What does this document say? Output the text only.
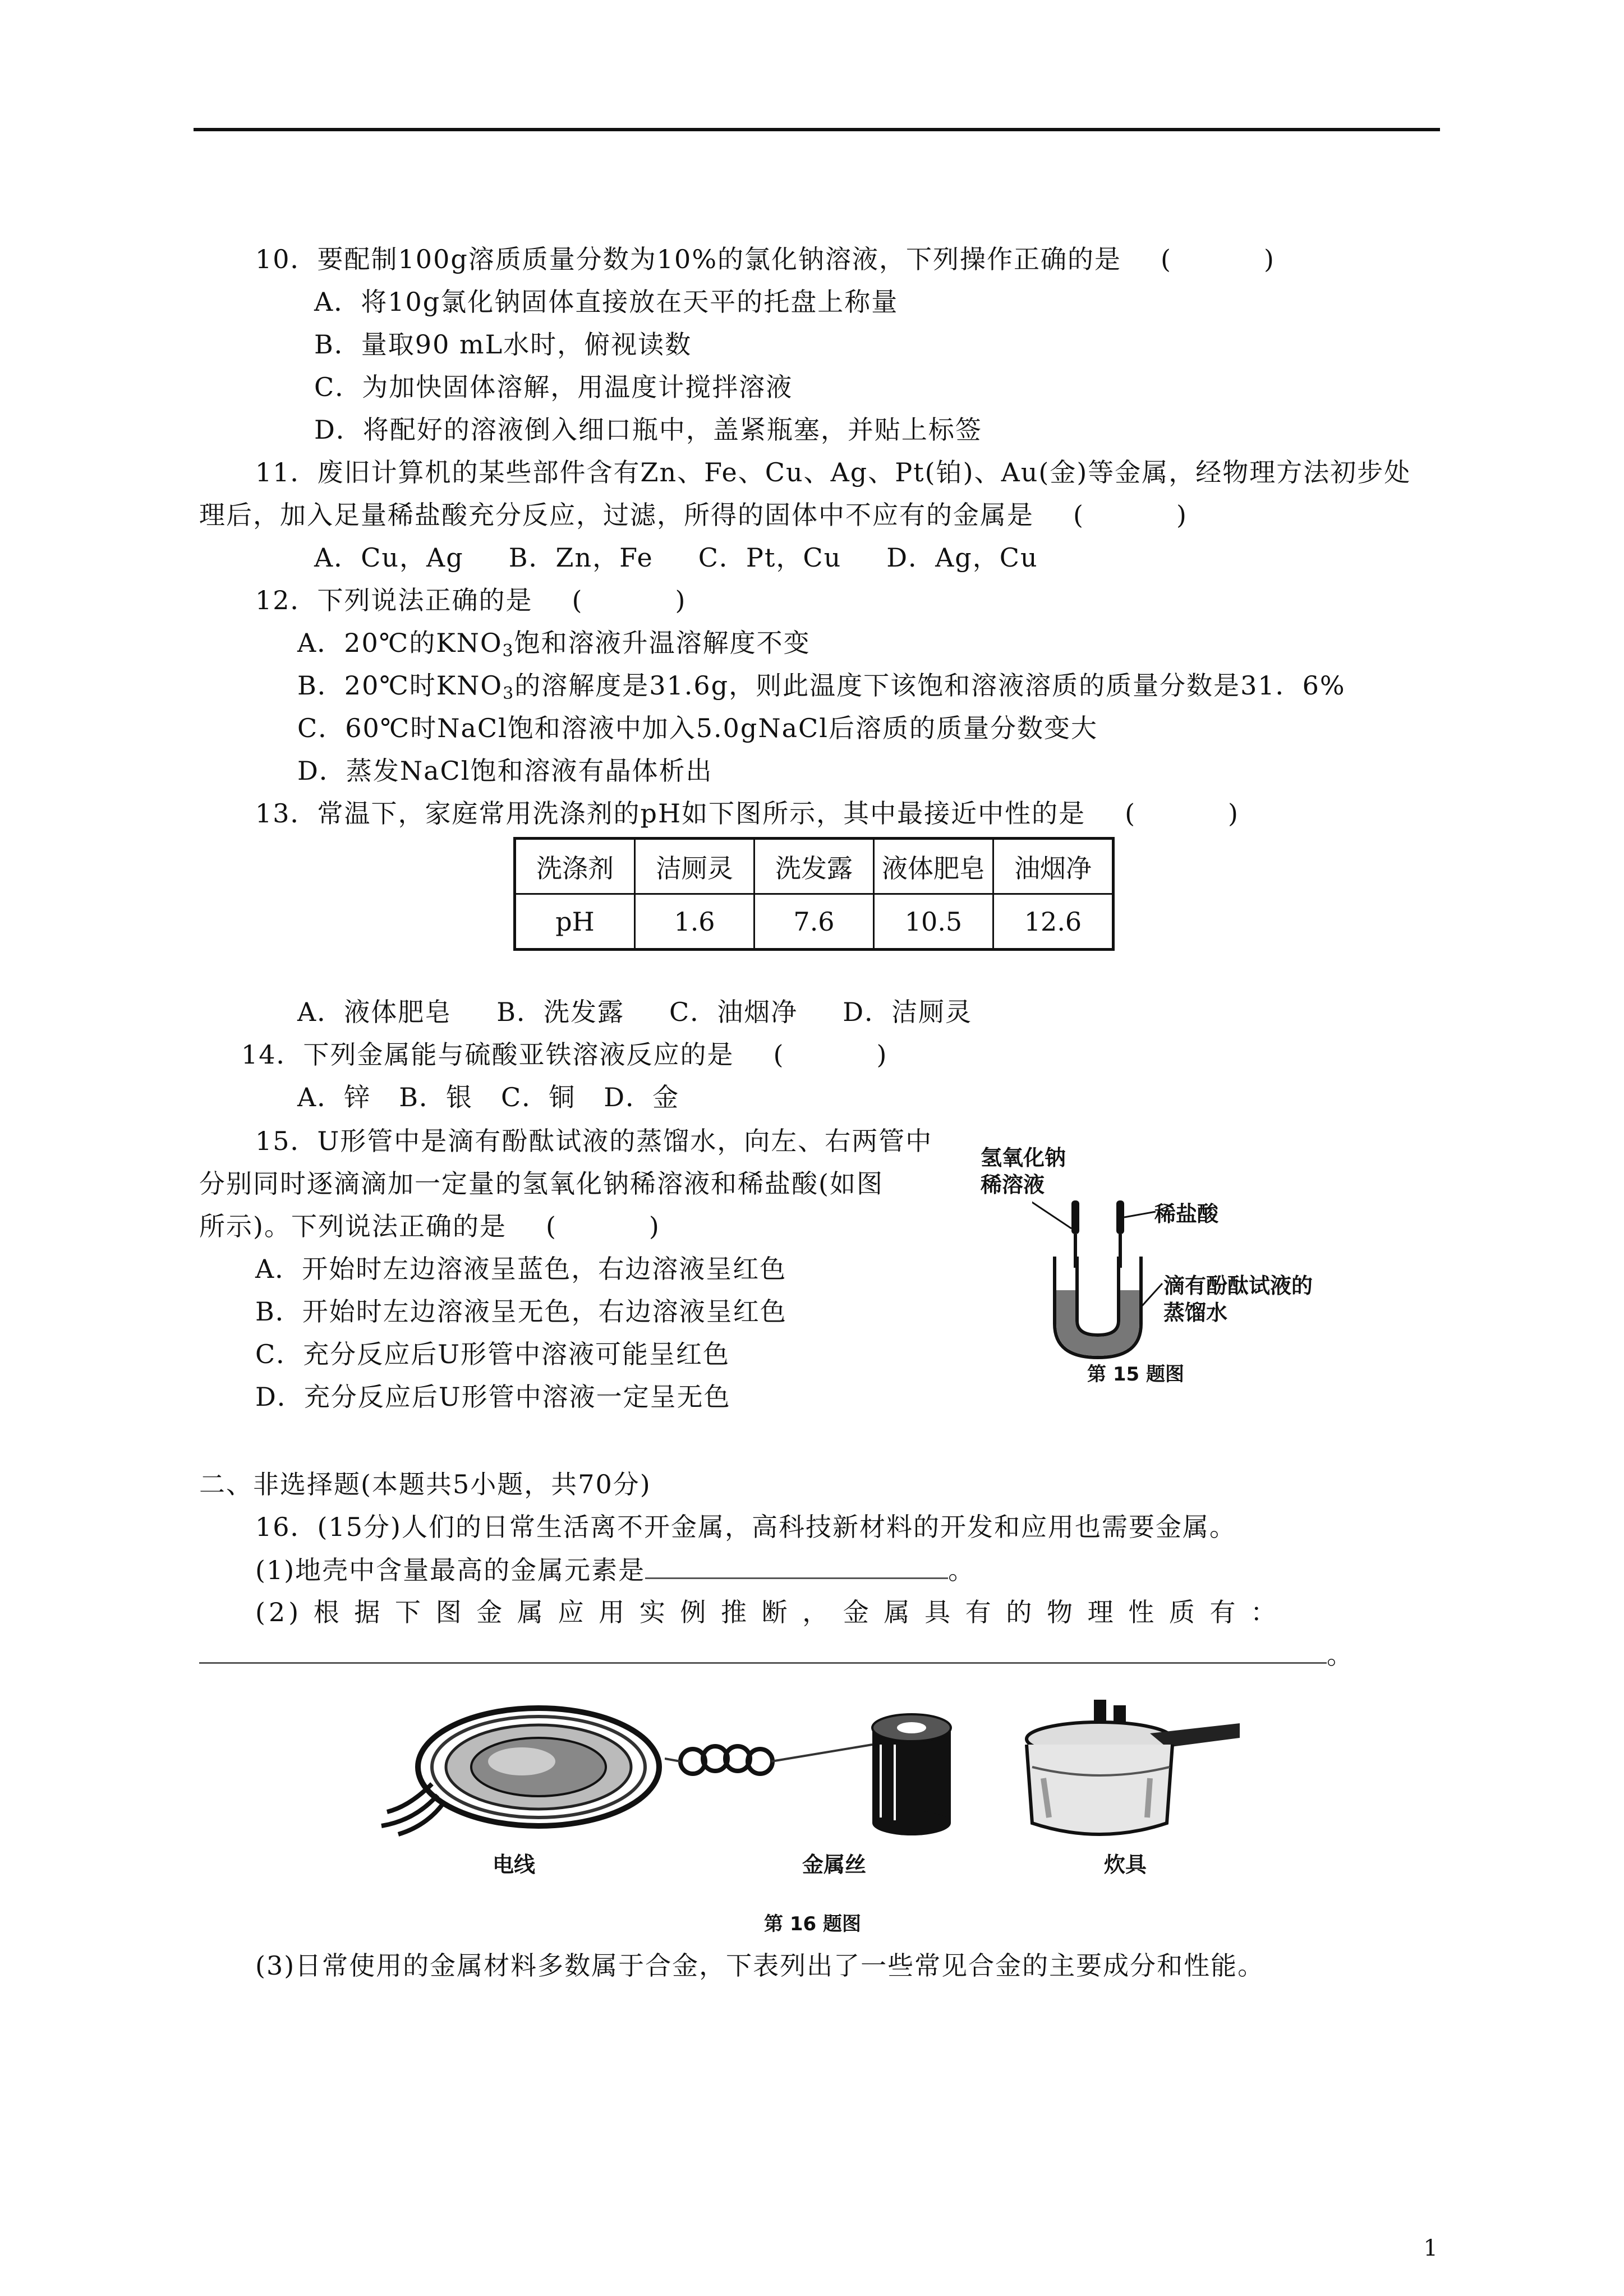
10．要配制100g溶质质量分数为10%的氯化钠溶液，下列操作正确的是 (　)
A．将10g氯化钠固体直接放在天平的托盘上称量
B．量取90 mL水时，俯视读数
C．为加快固体溶解，用温度计搅拌溶液
D．将配好的溶液倒入细口瓶中，盖紧瓶塞，并贴上标签
11．废旧计算机的某些部件含有Zn、Fe、Cu、Ag、Pt(铂)、Au(金)等金属，经物理方法初步处
理后，加入足量稀盐酸充分反应，过滤，所得的固体中不应有的金属是 (　)
A．Cu，Ag B．Zn，Fe C．Pt，Cu D．Ag，Cu
12．下列说法正确的是 (　)
A．20℃的$KNO_3$饱和溶液升温溶解度不变
B．20℃时$KNO_3$的溶解度是31.6g，则此温度下该饱和溶液溶质的质量分数是31．6%
C．60℃时NaCl饱和溶液中加入5.0gNaCl后溶质的质量分数变大
D．蒸发NaCl饱和溶液有晶体析出
13．常温下，家庭常用洗涤剂的pH如下图所示，其中最接近中性的是 (　)
洗涤剂	洁厕灵	洗发露	液体肥皂	油烟净
pH	1.6	7.6	10.5	12.6
A．液体肥皂 B．洗发露 C．油烟净 D．洁厕灵
14．下列金属能与硫酸亚铁溶液反应的是 (　)
A．锌 B．银 C．铜 D．金
15．U形管中是滴有酚酞试液的蒸馏水，向左、右两管中
分别同时逐滴滴加一定量的氢氧化钠稀溶液和稀盐酸(如图
所示)。下列说法正确的是 (　)
A．开始时左边溶液呈蓝色，右边溶液呈红色
B．开始时左边溶液呈无色，右边溶液呈红色
C．充分反应后U形管中溶液可能呈红色
D．充分反应后U形管中溶液一定呈无色
氢氧化钠
稀溶液
稀盐酸
滴有酚酞试液的
蒸馏水
第 15 题图
二、非选择题(本题共5小题，共70分)
16．(15分)人们的日常生活离不开金属，高科技新材料的开发和应用也需要金属。
(1)地壳中含量最高的金属元素是	。
(2) 根 据 下 图 金 属 应 用 实 例 推 断 ， 金 属 具 有 的 物 理 性 质 有 ：
。
电线	金属丝	炊具
第 16 题图
(3)日常使用的金属材料多数属于合金，下表列出了一些常见合金的主要成分和性能。
1
